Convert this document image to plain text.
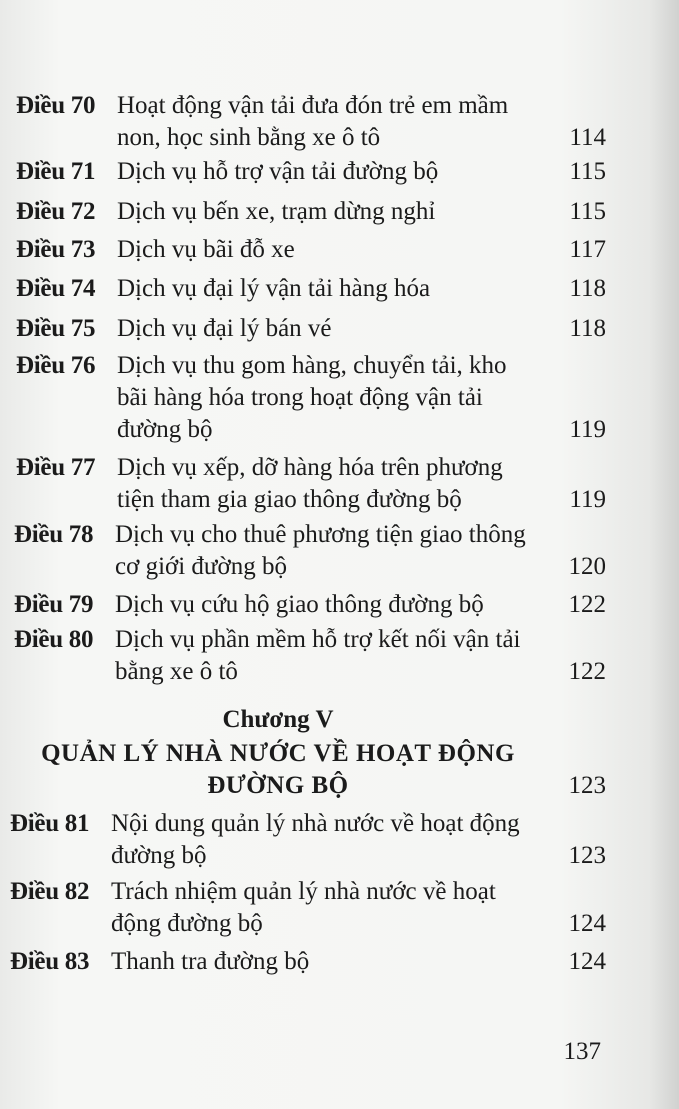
Điều 70 Hoạt động vận tải đưa đón trẻ em mầm
non, học sinh bằng xe ô tô	114
Điều 71 Dịch vụ hỗ trợ vận tải đường bộ	115
Điều 72 Dịch vụ bến xe, trạm dừng nghỉ	115
Điều 73 Dịch vụ bãi đỗ xe	117
Điều 74 Dịch vụ đại lý vận tải hàng hóa	118
Điều 75 Dịch vụ đại lý bán vé	118
Điều 76 Dịch vụ thu gom hàng, chuyển tải, kho
bãi hàng hóa trong hoạt động vận tải
đường bộ	119
Điều 77 Dịch vụ xếp, dỡ hàng hóa trên phương
tiện tham gia giao thông đường bộ	119
Điều 78 Dịch vụ cho thuê phương tiện giao thông
cơ giới đường bộ	120
Điều 79 Dịch vụ cứu hộ giao thông đường bộ	122
Điều 80 Dịch vụ phần mềm hỗ trợ kết nối vận tải
bằng xe ô tô	122
Chương V
QUẢN LÝ NHÀ NƯỚC VỀ HOẠT ĐỘNG
ĐƯỜNG BỘ	123
Điều 81 Nội dung quản lý nhà nước về hoạt động
đường bộ	123
Điều 82 Trách nhiệm quản lý nhà nước về hoạt
động đường bộ	124
Điều 83 Thanh tra đường bộ	124
137
